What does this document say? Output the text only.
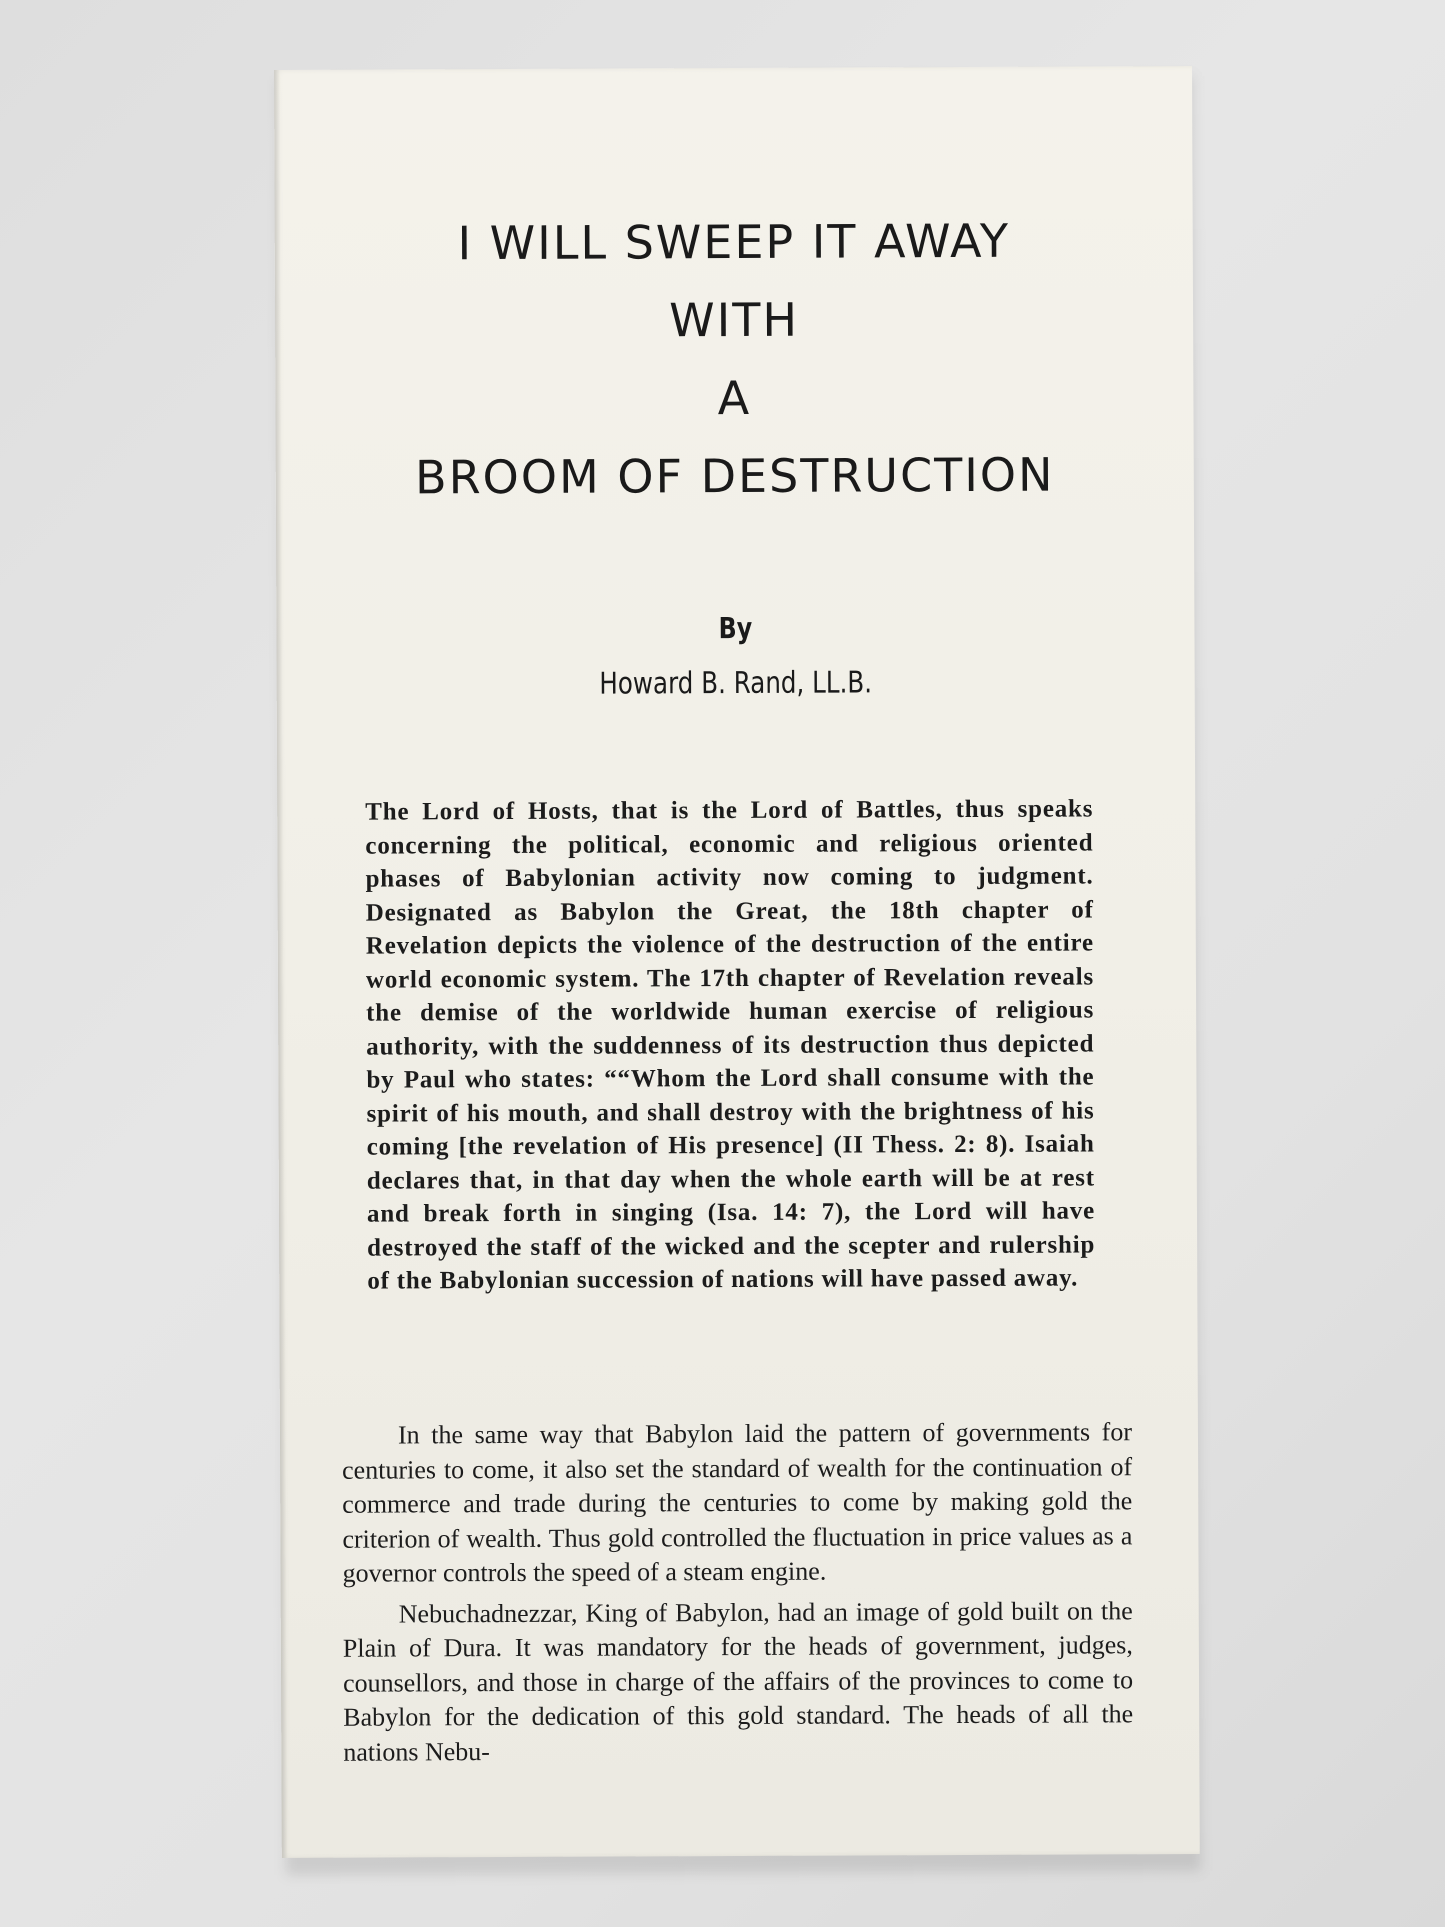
I WILL SWEEP IT AWAY
WITH
A
BROOM OF DESTRUCTION
By
Howard B. Rand, LL.B.

The Lord of Hosts, that is the Lord of Battles, thus speaks concerning the political, economic and religious oriented phases of Babylonian activity now coming to judgment. Designated as Babylon the Great, the 18th chapter of Revelation depicts the violence of the destruction of the entire world economic system. The 17th chapter of Revelation reveals the demise of the worldwide human exercise of religious authority, with the suddenness of its destruction thus depicted by Paul who states: ““Whom the Lord shall consume with the spirit of his mouth, and shall destroy with the brightness of his coming [the revelation of His presence] (II Thess. 2: 8). Isaiah declares that, in that day when the whole earth will be at rest and break forth in singing (Isa. 14: 7), the Lord will have destroyed the staff of the wicked and the scepter and rulership of the Babylonian succession of nations will have passed away.

In the same way that Babylon laid the pattern of governments for centuries to come, it also set the standard of wealth for the continuation of commerce and trade during the centuries to come by making gold the criterion of wealth. Thus gold controlled the fluctuation in price values as a governor controls the speed of a steam engine.

Nebuchadnezzar, King of Babylon, had an image of gold built on the Plain of Dura. It was mandatory for the heads of government, judges, counsellors, and those in charge of the affairs of the provinces to come to Babylon for the dedication of this gold standard. The heads of all the nations Nebu-
